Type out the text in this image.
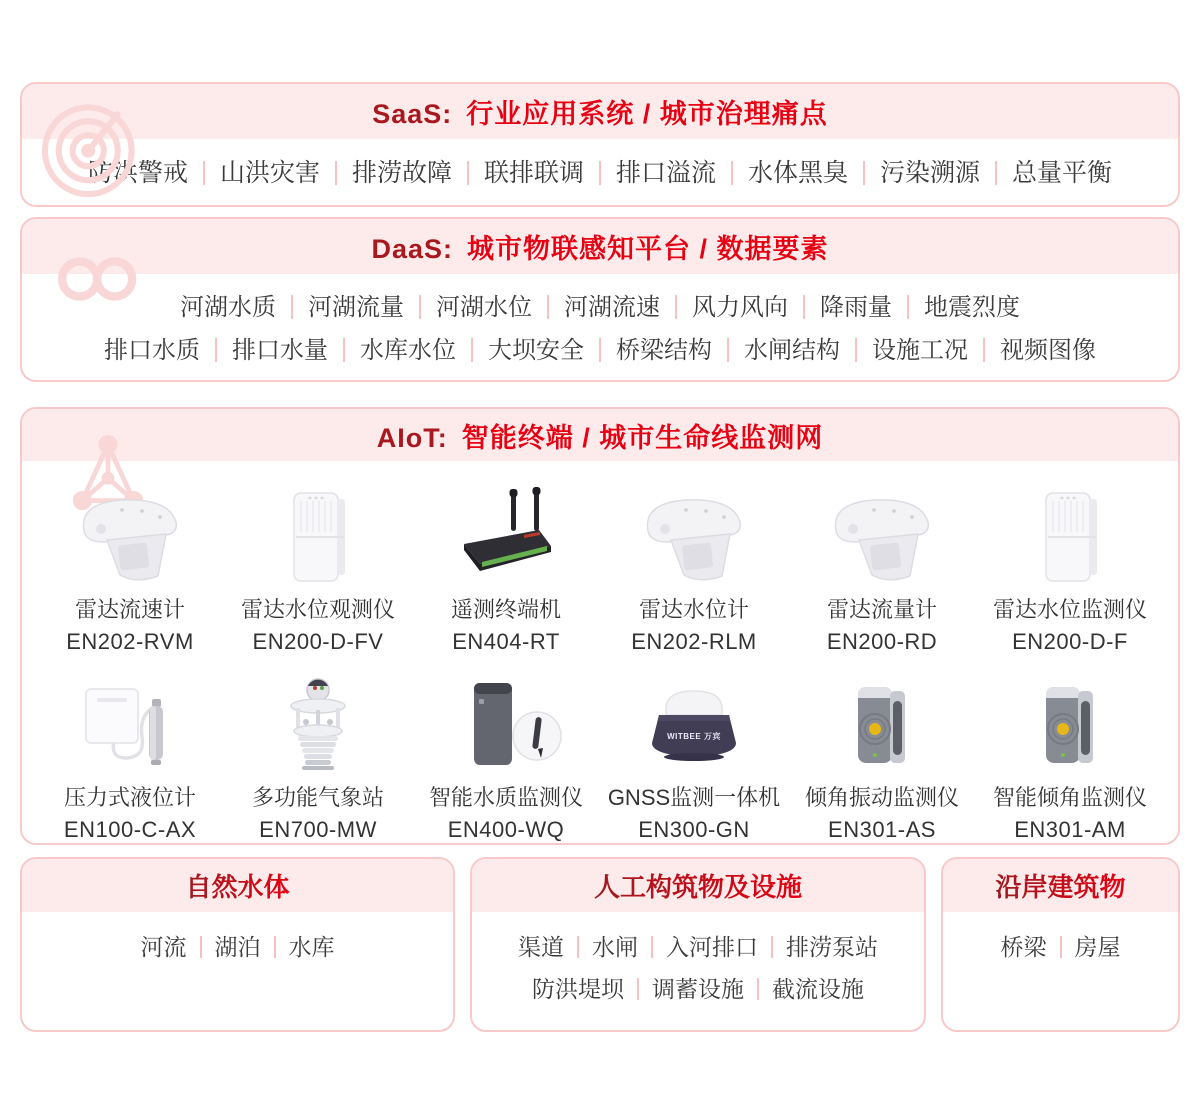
SaaS: 行业应用系统 / 城市治理痛点
防洪警戒 山洪灾害 排涝故障 联排联调 排口溢流 水体黑臭 污染溯源 总量平衡
DaaS: 城市物联感知平台 / 数据要素
河湖水质 河湖流量 河湖水位 河湖流速 风力风向 降雨量 地震烈度
排口水质 排口水量 水库水位 大坝安全 桥梁结构 水闸结构 设施工况 视频图像
AIoT: 智能终端 / 城市生命线监测网
雷达流速计
EN202-RVM
雷达水位观测仪
EN200-D-FV
遥测终端机
EN404-RT
雷达水位计
EN202-RLM
雷达流量计
EN200-RD
雷达水位监测仪
EN200-D-F
压力式液位计
EN100-C-AX
多功能气象站
EN700-MW
智能水质监测仪
EN400-WQ
WITBEE 万宾
GNSS监测一体机
EN300-GN
倾角振动监测仪
EN301-AS
智能倾角监测仪
EN301-AM
自然水体
河流 湖泊 水库
人工构筑物及设施
渠道 水闸 入河排口 排涝泵站
防洪堤坝 调蓄设施 截流设施
沿岸建筑物
桥梁 房屋
